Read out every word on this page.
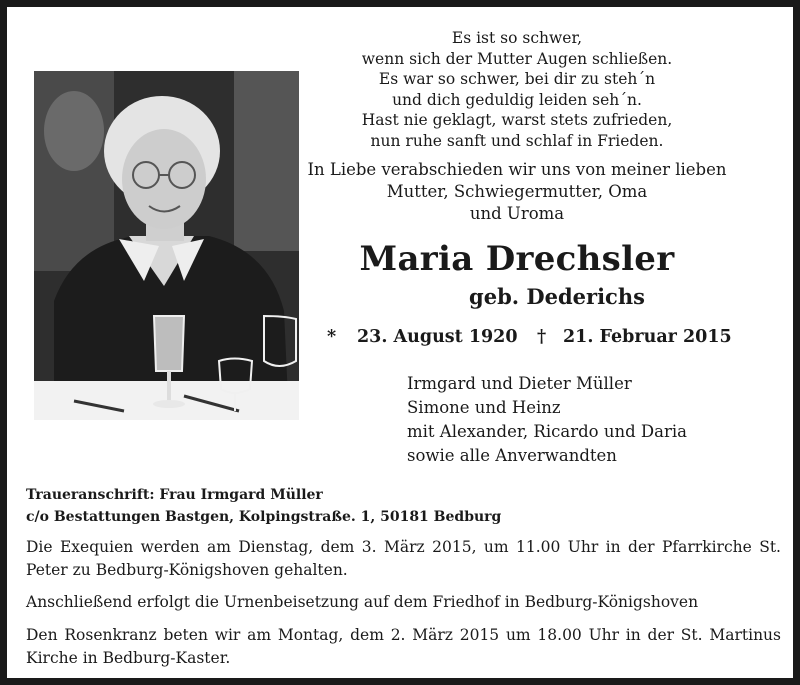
Es ist so schwer,
wenn sich der Mutter Augen schließen.
Es war so schwer, bei dir zu steh´n
und dich geduldig leiden seh´n.
Hast nie geklagt, warst stets zufrieden,
nun ruhe sanft und schlaf in Frieden.
In Liebe verabschieden wir uns von meiner lieben
Mutter, Schwiegermutter, Oma
und Uroma
Maria Drechsler
geb. Dederichs
* 23. August 1920 † 21. Februar 2015
Irmgard und Dieter Müller
Simone und Heinz
mit Alexander, Ricardo und Daria
sowie alle Anverwandten
Traueranschrift: Frau Irmgard Müller
c/o Bestattungen Bastgen, Kolpingstraße. 1, 50181 Bedburg
Die Exequien werden am Dienstag, dem 3. März 2015, um 11.00 Uhr in der Pfarrkirche St. Peter zu Bedburg-Königshoven gehalten.
Anschließend erfolgt die Urnenbeisetzung auf dem Friedhof in Bedburg-Königshoven
Den Rosenkranz beten wir am Montag, dem 2. März 2015 um 18.00 Uhr in der St. Martinus Kirche in Bedburg-Kaster.
